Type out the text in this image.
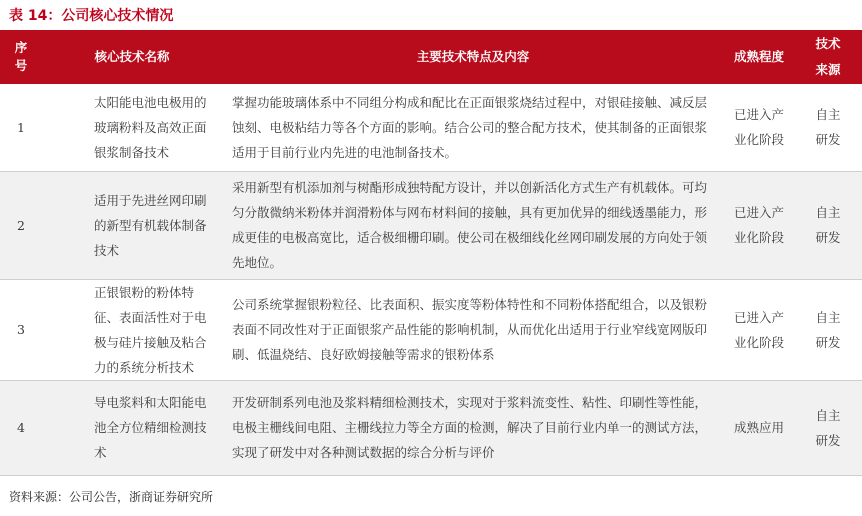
表 14：公司核心技术情况
序号	核心技术名称	主要技术特点及内容	成熟程度	技术来源

1	太阳能电池电极用的玻璃粉料及高效正面银浆制备技术	掌握功能玻璃体系中不同组分构成和配比在正面银浆烧结过程中，对银硅接触、减反层蚀刻、电极粘结力等各个方面的影响。结合公司的整合配方技术，使其制备的正面银浆适用于目前行业内先进的电池制备技术。	已进入产业化阶段	自主研发

2	适用于先进丝网印刷的新型有机载体制备技术	采用新型有机添加剂与树酯形成独特配方设计，并以创新活化方式生产有机载体。可均匀分散微纳米粉体并润滑粉体与网布材料间的接触，具有更加优异的细线透墨能力，形成更佳的电极高宽比，适合极细栅印刷。使公司在极细线化丝网印刷发展的方向处于领先地位。	已进入产业化阶段	自主研发

3	正银银粉的粉体特征、表面活性对于电极与硅片接触及粘合力的系统分析技术	公司系统掌握银粉粒径、比表面积、振实度等粉体特性和不同粉体搭配组合，以及银粉表面不同改性对于正面银浆产品性能的影响机制，从而优化出适用于行业窄线宽网版印刷、低温烧结、良好欧姆接触等需求的银粉体系	已进入产业化阶段	自主研发

4	导电浆料和太阳能电池全方位精细检测技术	开发研制系列电池及浆料精细检测技术，实现对于浆料流变性、粘性、印刷性等性能，电极主栅线间电阻、主栅线拉力等全方面的检测，解决了目前行业内单一的测试方法，实现了研发中对各种测试数据的综合分析与评价	成熟应用	自主研发
资料来源：公司公告，浙商证券研究所
